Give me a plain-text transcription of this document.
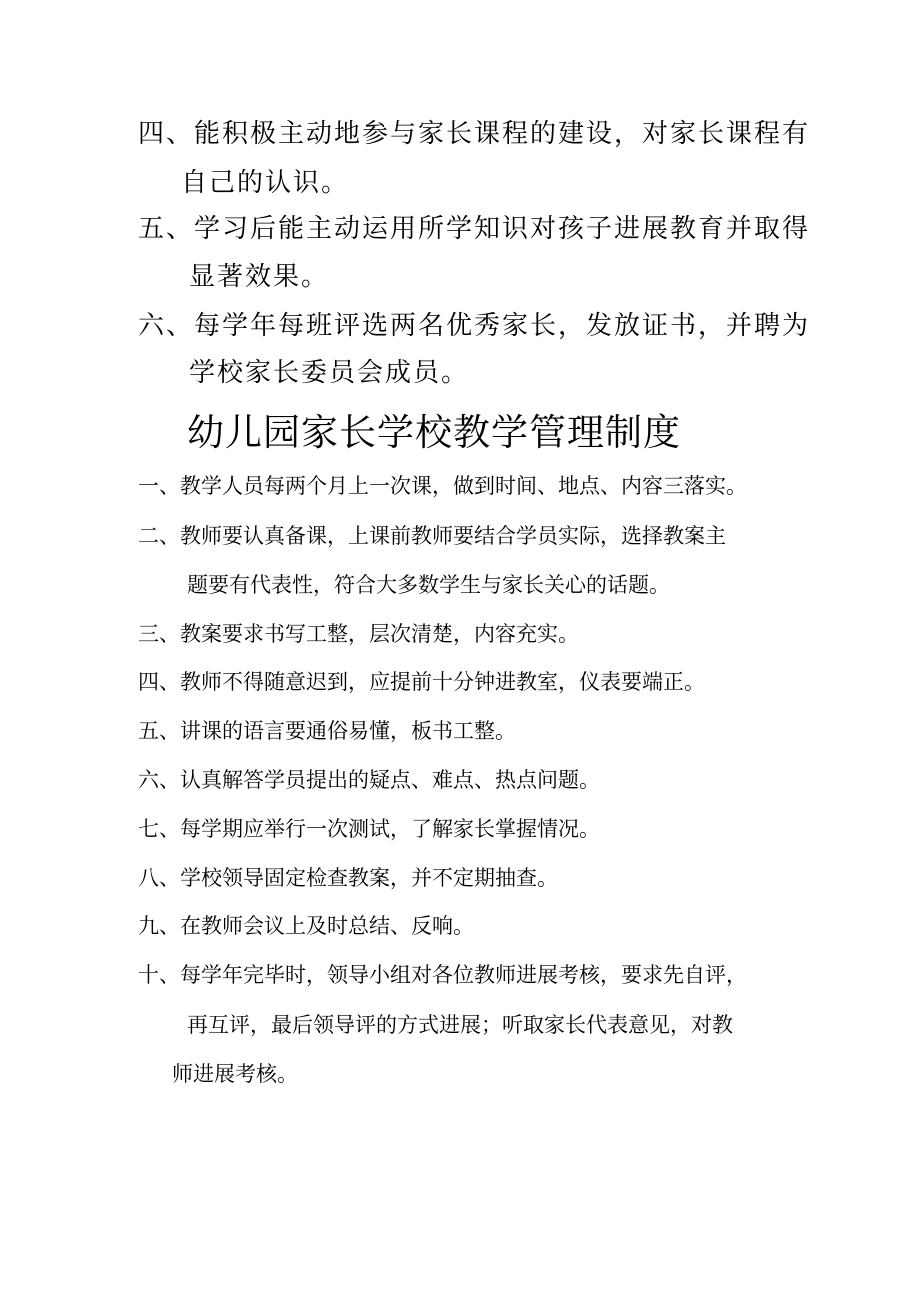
四、能积极主动地参与家长课程的建设，对家长课程有
自己的认识。
五、学习后能主动运用所学知识对孩子进展教育并取得
显著效果。
六、每学年每班评选两名优秀家长，发放证书，并聘为
学校家长委员会成员。
幼儿园家长学校教学管理制度
一、教学人员每两个月上一次课，做到时间、地点、内容三落实。
二、教师要认真备课，上课前教师要结合学员实际，选择教案主
题要有代表性，符合大多数学生与家长关心的话题。
三、教案要求书写工整，层次清楚，内容充实。
四、教师不得随意迟到，应提前十分钟进教室，仪表要端正。
五、讲课的语言要通俗易懂，板书工整。
六、认真解答学员提出的疑点、难点、热点问题。
七、每学期应举行一次测试，了解家长掌握情况。
八、学校领导固定检查教案，并不定期抽查。
九、在教师会议上及时总结、反响。
十、每学年完毕时，领导小组对各位教师进展考核，要求先自评，
再互评，最后领导评的方式进展；听取家长代表意见，对教
师进展考核。
